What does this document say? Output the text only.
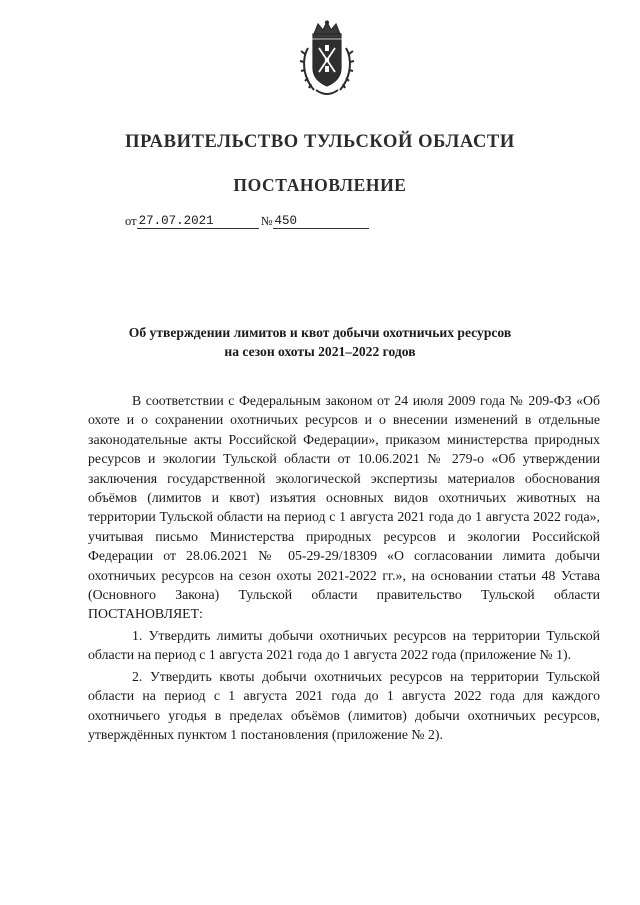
ПРАВИТЕЛЬСТВО ТУЛЬСКОЙ ОБЛАСТИ
ПОСТАНОВЛЕНИЕ
от 27.07.2021	№ 450
Об утверждении лимитов и квот добычи охотничьих ресурсов
на сезон охоты 2021–2022 годов

В соответствии с Федеральным законом от 24 июля 2009 года № 209-ФЗ «Об охоте и о сохранении охотничьих ресурсов и о внесении изменений в отдельные законодательные акты Российской Федерации», приказом министерства природных ресурсов и экологии Тульской области от 10.06.2021 № 279-о «Об утверждении заключения государственной экологической экспертизы материалов обоснования объёмов (лимитов и квот) изъятия основных видов охотничьих животных на территории Тульской области на период с 1 августа 2021 года до 1 августа 2022 года», учитывая письмо Министерства природных ресурсов и экологии Российской Федерации от 28.06.2021 № 05-29-29/18309 «О согласовании лимита добычи охотничьих ресурсов на сезон охоты 2021-2022 гг.», на основании статьи 48 Устава (Основного Закона) Тульской области правительство Тульской области ПОСТАНОВЛЯЕТ:

1. Утвердить лимиты добычи охотничьих ресурсов на территории Тульской области на период с 1 августа 2021 года до 1 августа 2022 года (приложение № 1).

2. Утвердить квоты добычи охотничьих ресурсов на территории Тульской области на период с 1 августа 2021 года до 1 августа 2022 года для каждого охотничьего угодья в пределах объёмов (лимитов) добычи охотничьих ресурсов, утверждённых пунктом 1 постановления (приложение № 2).
